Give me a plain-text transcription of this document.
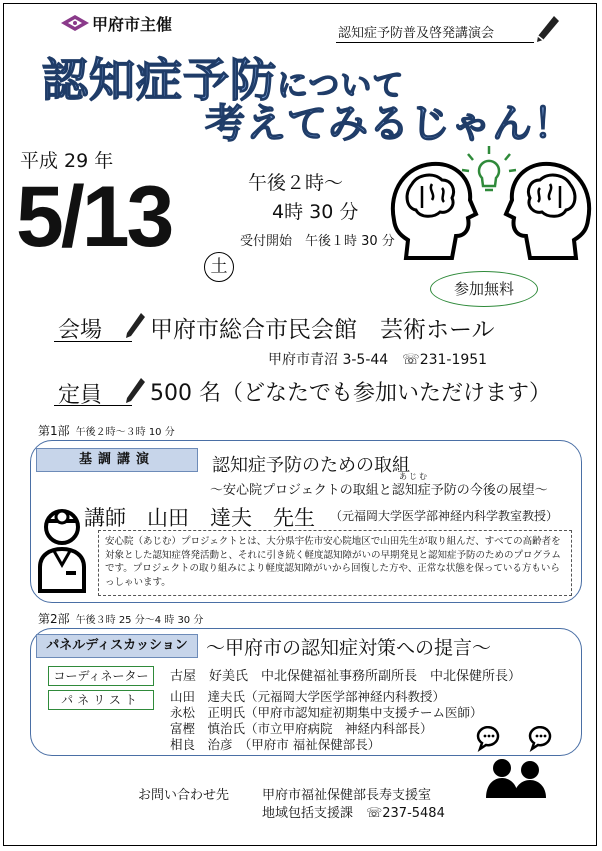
甲府市主催	認知症予防普及啓発講演会
認知症予防について
考えてみるじゃん！
平成 29 年
5/13
土
午後２時～
4時 30 分
受付開始　午後１時 30 分
参加無料
会場 甲府市総合市民会館　芸術ホール
甲府市青沼 3-5-44　☏231-1951
定員 500 名（どなたでも参加いただけます）
第1部 午後２時～３時 10 分
基調講演	認知症予防のための取組
あじむ
～安心院プロジェクトの取組と認知症予防の今後の展望～
講師　山田　達夫　先生 （元福岡大学医学部神経内科学教室教授）
安心院（あじむ）プロジェクトとは、大分県宇佐市安心院地区で山田先生が取り組んだ、すべての高齢者を対象とした認知症啓発活動と、それに引き続く軽度認知障がいの早期発見と認知症予防のためのプログラムです。プロジェクトの取り組みにより軽度認知障がいから回復した方や、正常な状態を保っている方もいらっしゃいます。
第2部 午後３時 25 分～4 時 30 分
パネルディスカッション ～甲府市の認知症対策への提言～
コーディネーター	古屋　好美氏　中北保健福祉事務所副所長　中北保健所長）
パネリスト	山田　達夫氏（元福岡大学医学部神経内科教授）
永松　正明氏（甲府市認知症初期集中支援チーム医師）
富樫　慎治氏（市立甲府病院　神経内科部長）
相良　治彦　（甲府市 福祉保健部長）
お問い合わせ先	甲府市福祉保健部長寿支援室
地域包括支援課　☏237-5484
